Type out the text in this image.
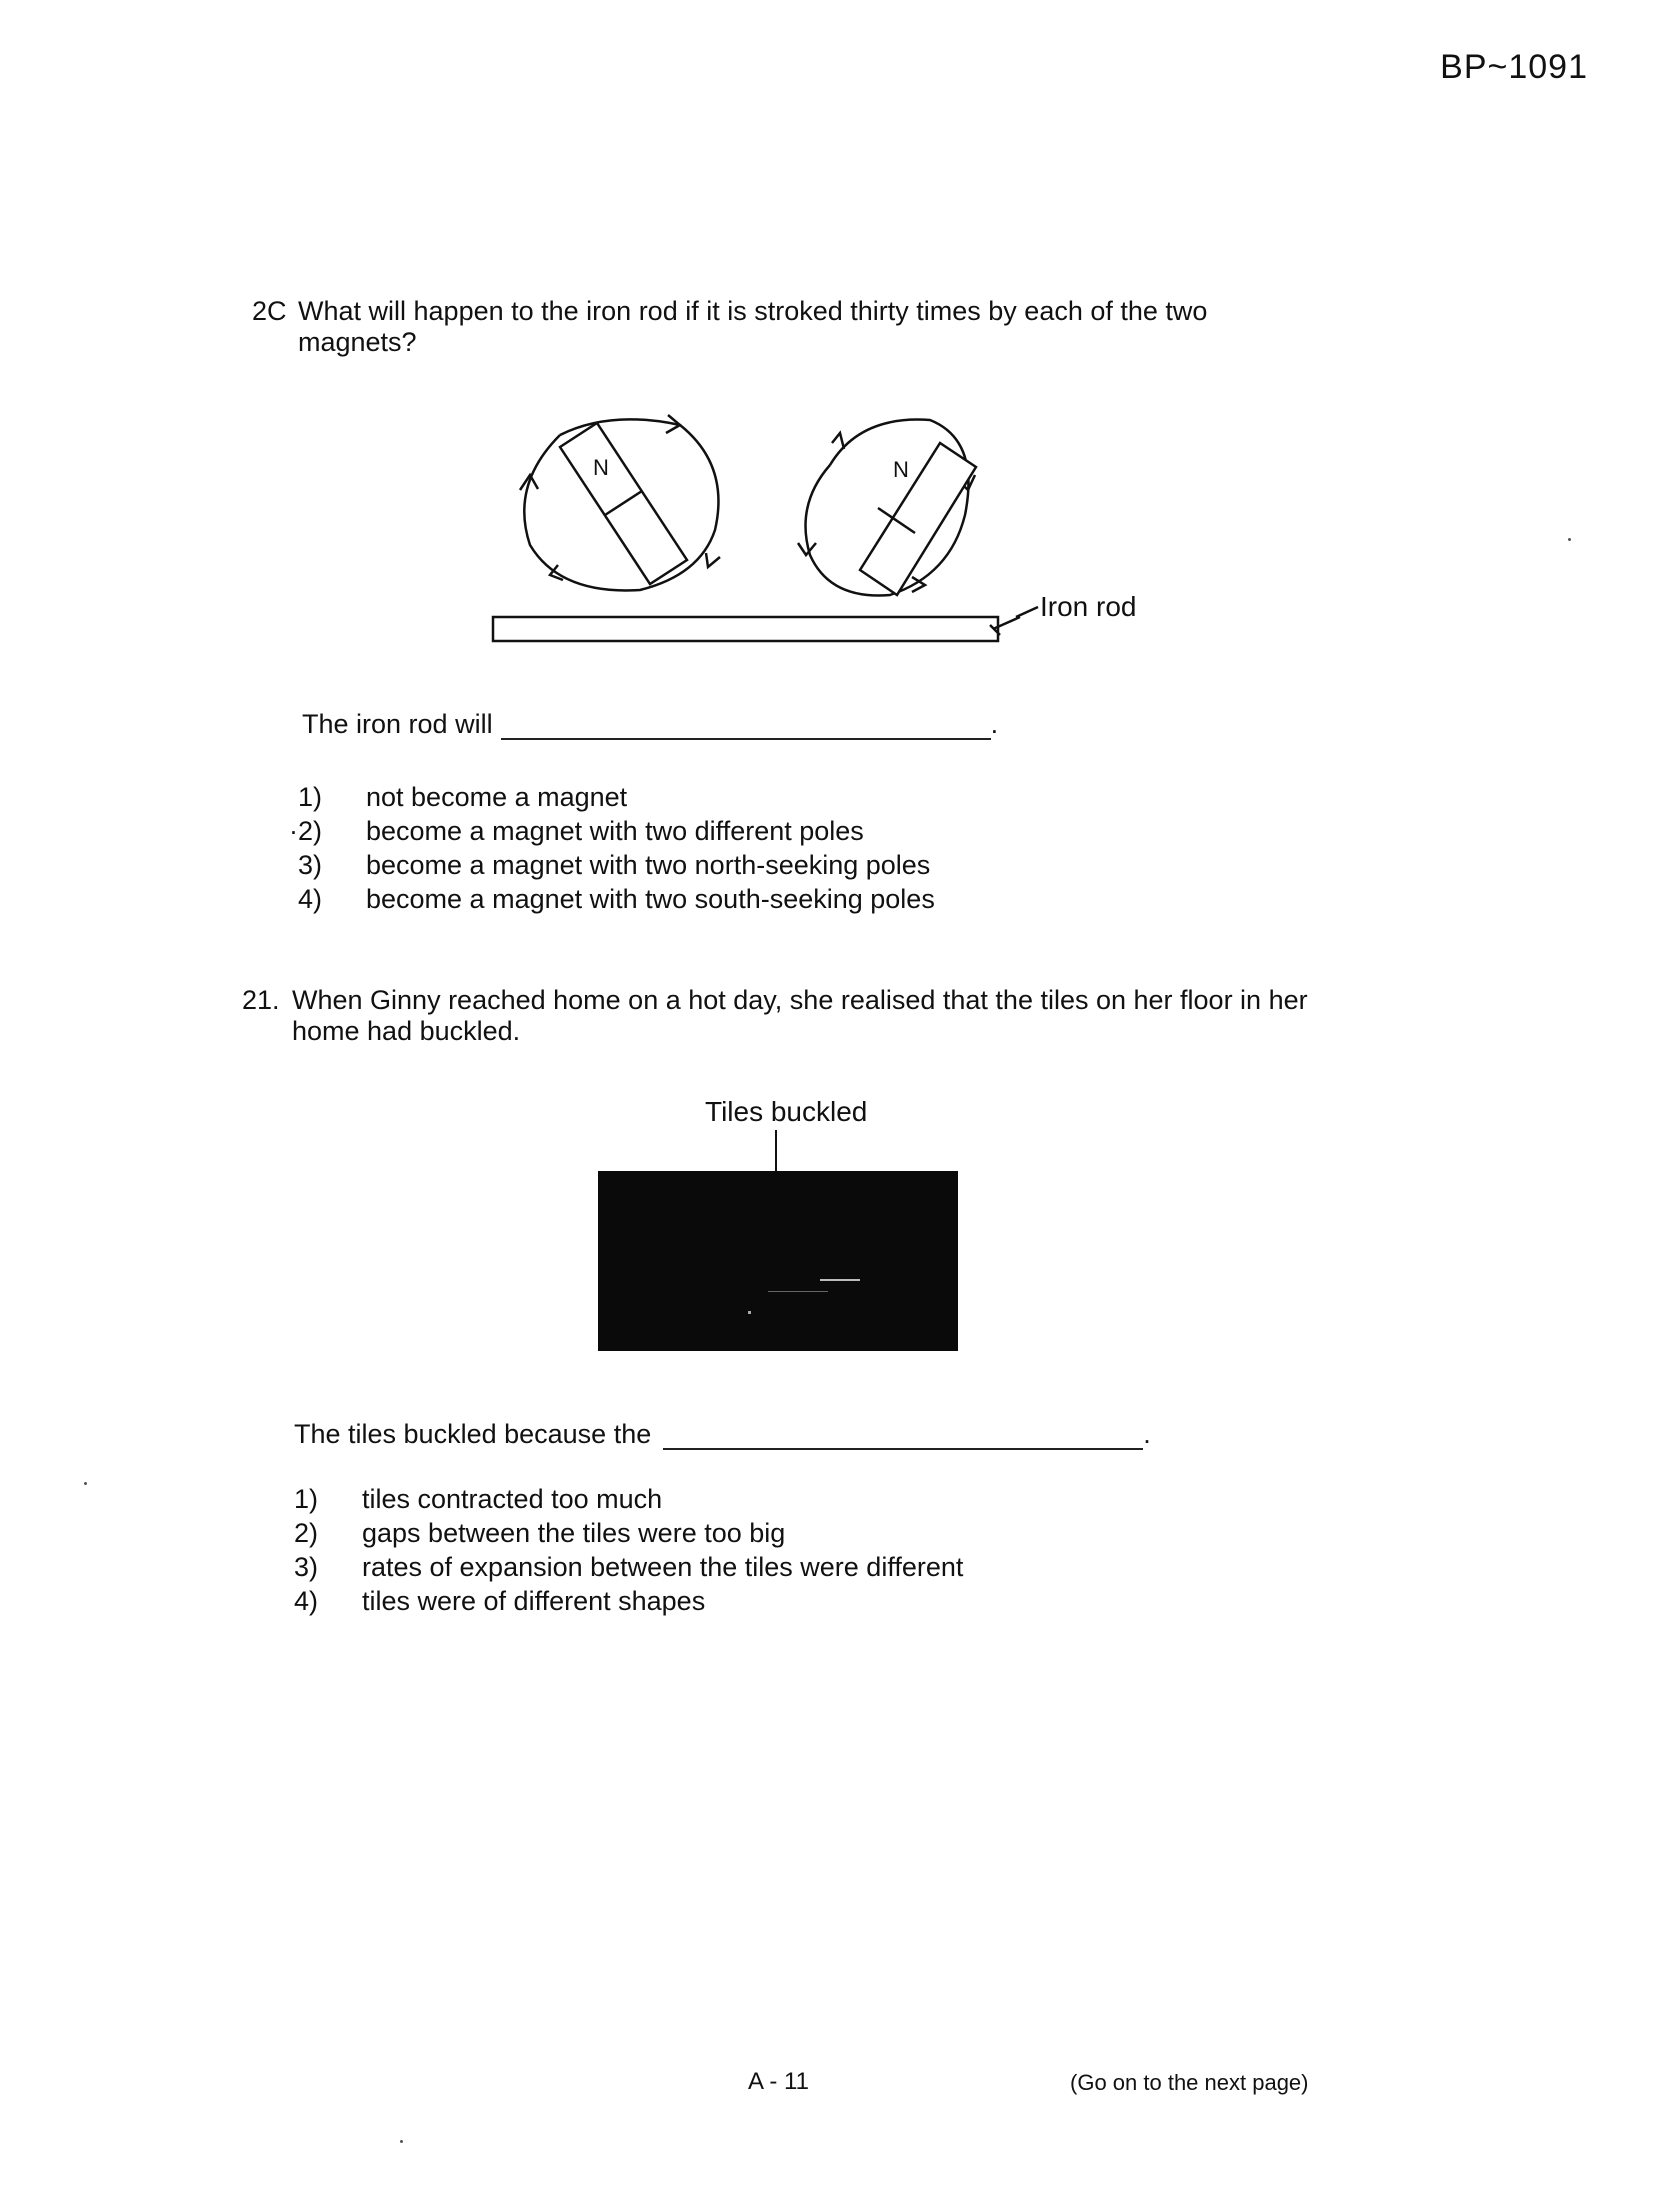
BP~1091
2C What will happen to the iron rod if it is stroked thirty times by each of the two magnets?
N	N
Iron rod
The iron rod will	.
1) not become a magnet
·2) become a magnet with two different poles
3) become a magnet with two north-seeking poles
4) become a magnet with two south-seeking poles
21. When Ginny reached home on a hot day, she realised that the tiles on her floor in her home had buckled.
Tiles buckled
The tiles buckled because the	.
1) tiles contracted too much
2) gaps between the tiles were too big
3) rates of expansion between the tiles were different
4) tiles were of different shapes
A - 11	(Go on to the next page)
